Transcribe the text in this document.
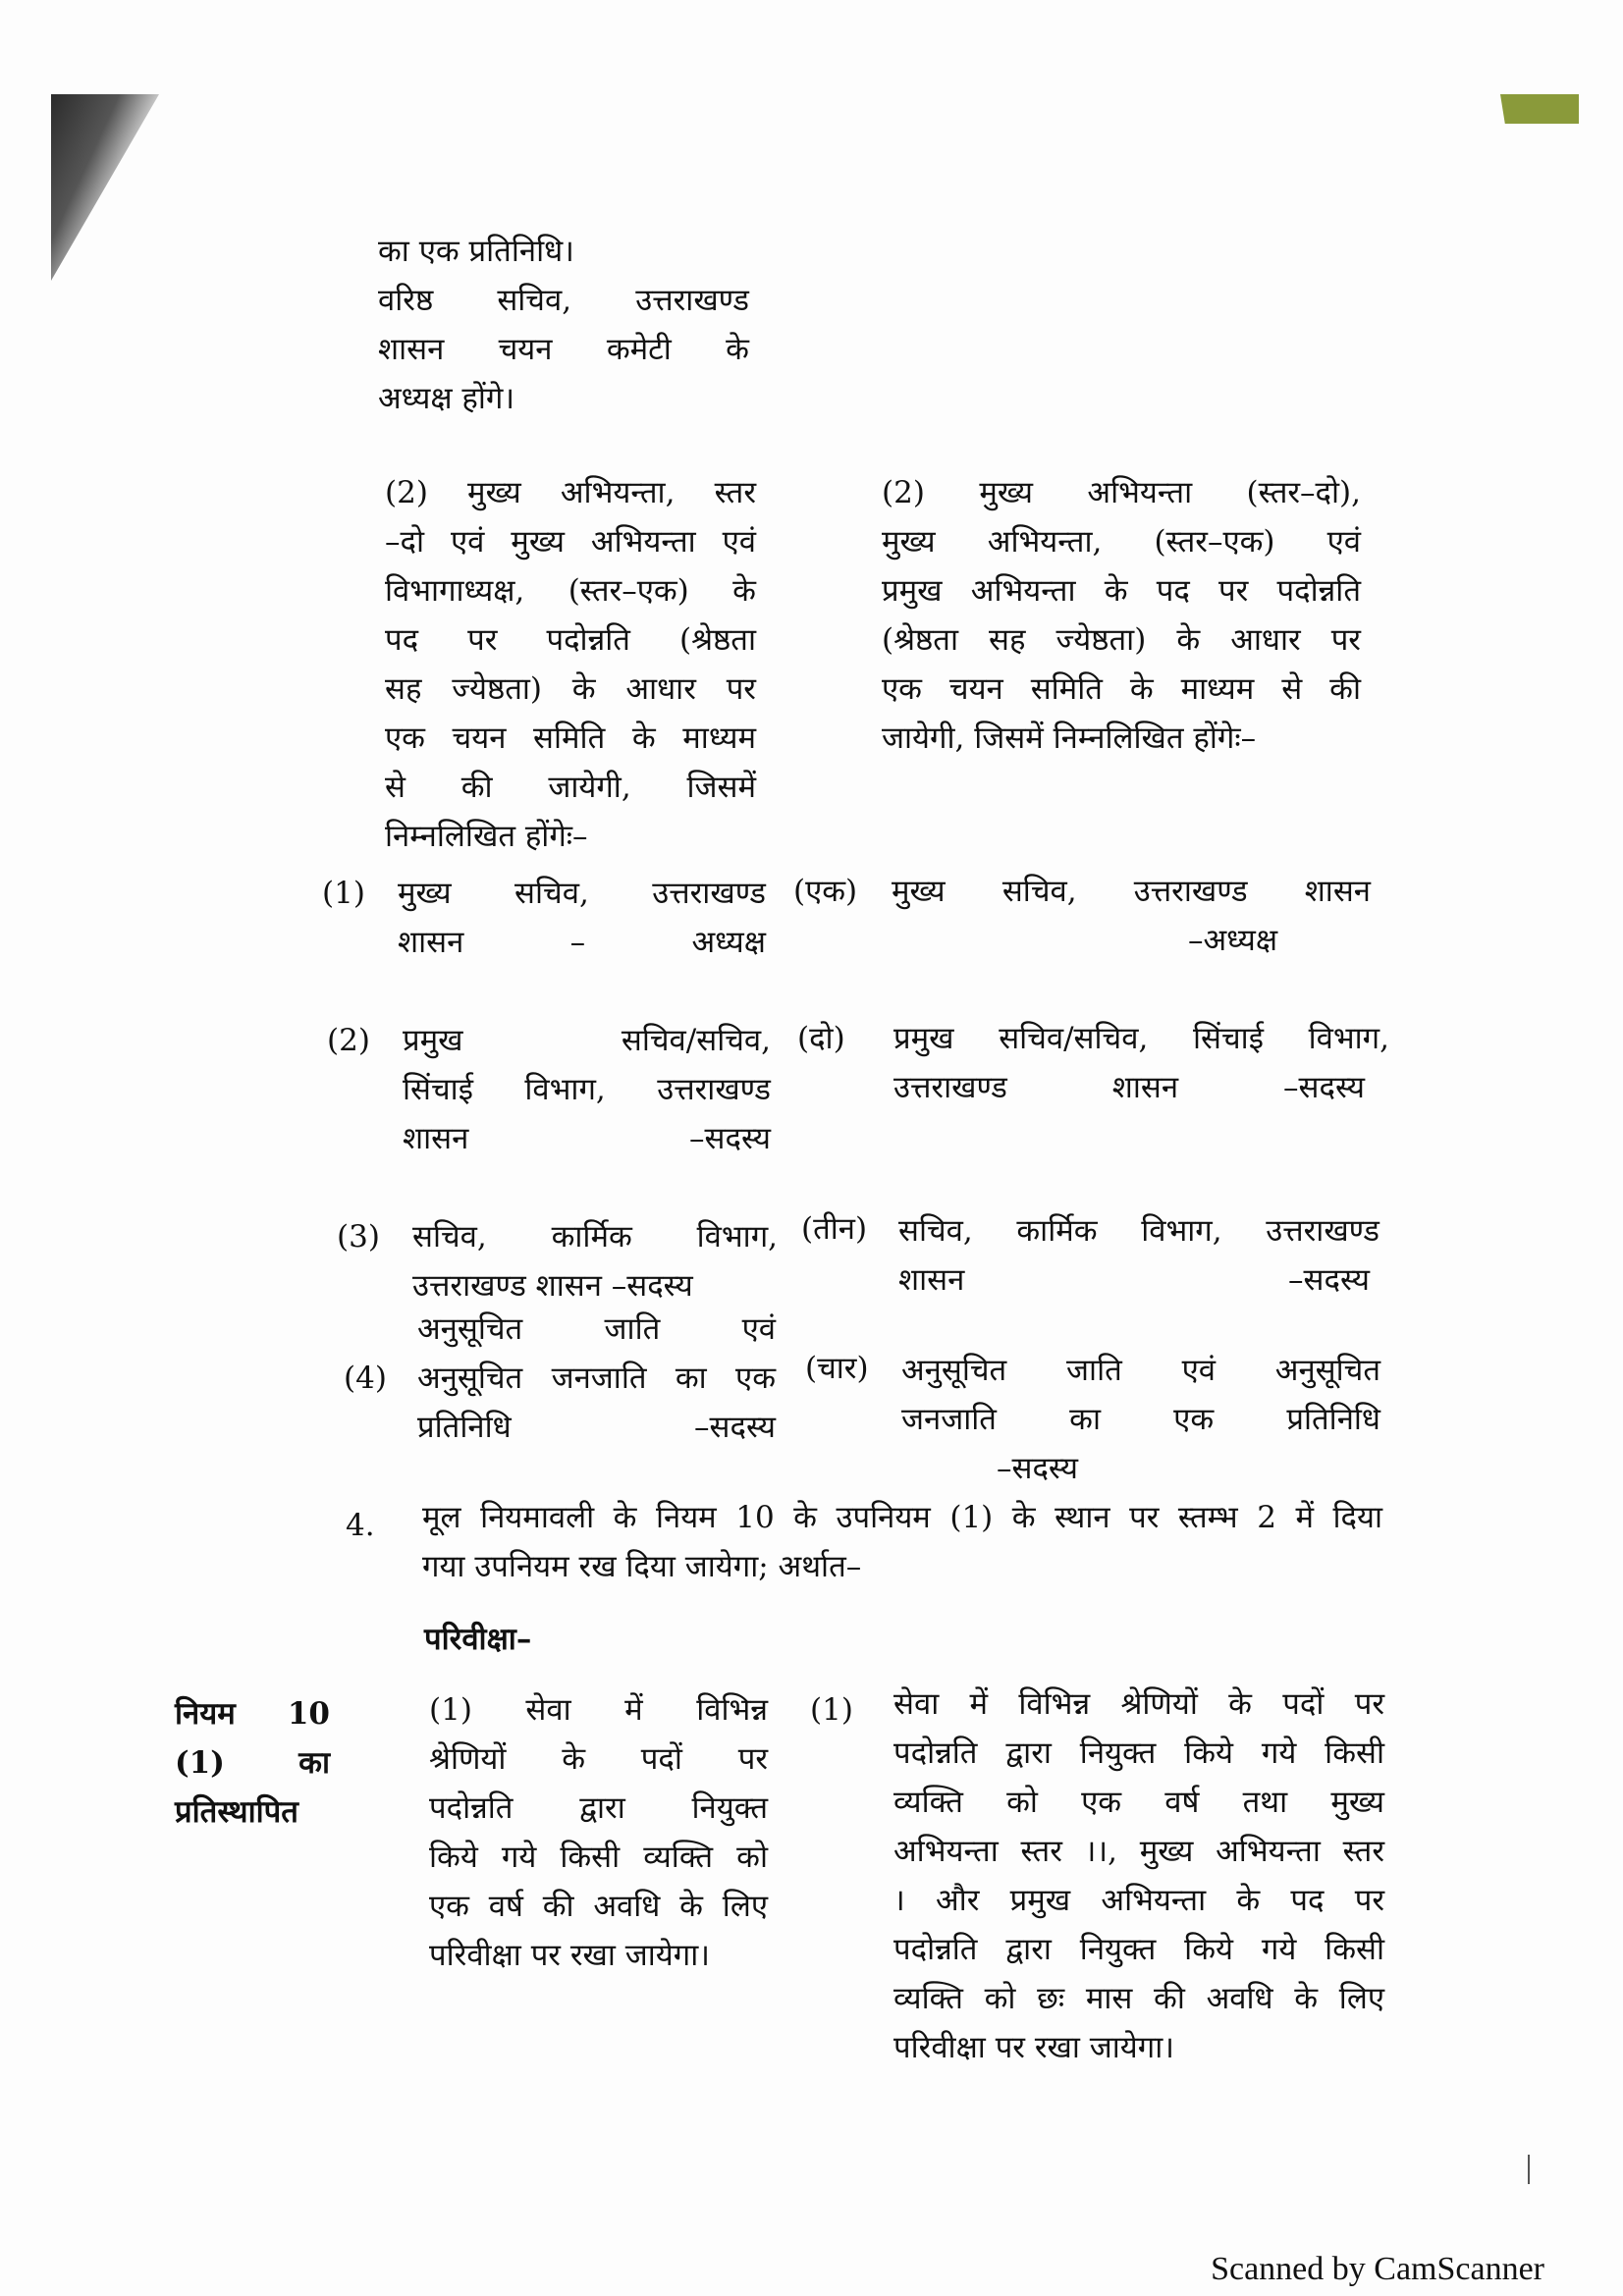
का एक प्रतिनिधि।
वरिष्ठ सचिव, उत्तराखण्ड
शासन चयन कमेटी के
अध्यक्ष होंगे।
(2) मुख्य अभियन्ता, स्तर
–दो एवं मुख्य अभियन्ता एवं
विभागाध्यक्ष, (स्तर–एक) के
पद पर पदोन्नति (श्रेष्ठता
सह ज्येष्ठता) के आधार पर
एक चयन समिति के माध्यम
से की जायेगी, जिसमें
निम्नलिखित होंगेः–
(2) मुख्य अभियन्ता (स्तर–दो),
मुख्य अभियन्ता, (स्तर–एक) एवं
प्रमुख अभियन्ता के पद पर पदोन्नति
(श्रेष्ठता सह ज्येष्ठता) के आधार पर
एक चयन समिति के माध्यम से की
जायेगी, जिसमें निम्नलिखित होंगेः–
(1) मुख्य सचिव, उत्तराखण्ड
शासन – अध्यक्ष
(एक) मुख्य सचिव, उत्तराखण्ड शासन
–अध्यक्ष
(2) प्रमुख सचिव/सचिव,
सिंचाई विभाग, उत्तराखण्ड
शासन –सदस्य
(दो) प्रमुख सचिव/सचिव, सिंचाई विभाग,
उत्तराखण्ड शासन –सदस्य
(3) सचिव, कार्मिक विभाग,
उत्तराखण्ड शासन –सदस्य
(तीन) सचिव, कार्मिक विभाग, उत्तराखण्ड
शासन –सदस्य
अनुसूचित जाति एवं
(4) अनुसूचित जनजाति का एक
प्रतिनिधि –सदस्य
(चार) अनुसूचित जाति एवं अनुसूचित
जनजाति का एक प्रतिनिधि
–सदस्य
4. मूल नियमावली के नियम 10 के उपनियम (1) के स्थान पर स्तम्भ 2 में दिया
गया उपनियम रख दिया जायेगा; अर्थात–
परिवीक्षा–
नियम 10
(1) का
प्रतिस्थापित
(1) सेवा में विभिन्न
श्रेणियों के पदों पर
पदोन्नति द्वारा नियुक्त
किये गये किसी व्यक्ति को
एक वर्ष की अवधि के लिए
परिवीक्षा पर रखा जायेगा।
(1) सेवा में विभिन्न श्रेणियों के पदों पर
पदोन्नति द्वारा नियुक्त किये गये किसी
व्यक्ति को एक वर्ष तथा मुख्य
अभियन्ता स्तर ।।, मुख्य अभियन्ता स्तर
। और प्रमुख अभियन्ता के पद पर
पदोन्नति द्वारा नियुक्त किये गये किसी
व्यक्ति को छः मास की अवधि के लिए
परिवीक्षा पर रखा जायेगा।
Scanned by CamScanner
